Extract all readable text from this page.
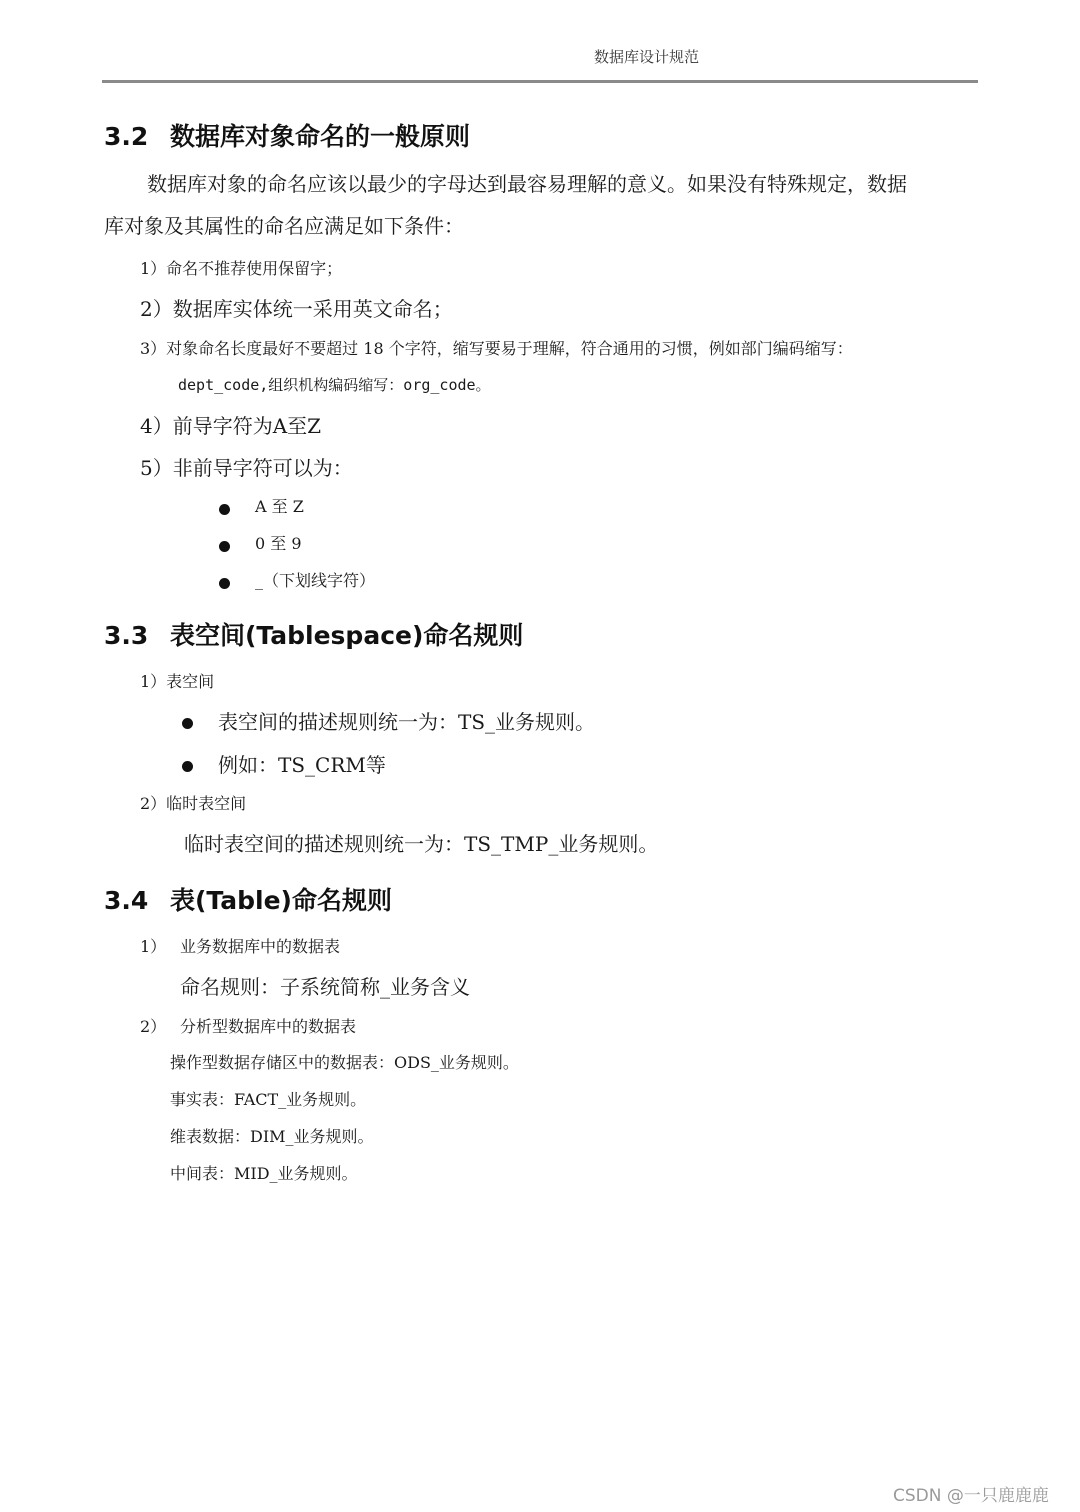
数据库设计规范
3.2 数据库对象命名的一般原则
数据库对象的命名应该以最少的字母达到最容易理解的意义。如果没有特殊规定，数据
库对象及其属性的命名应满足如下条件：
1）命名不推荐使用保留字；
2）数据库实体统一采用英文命名；
3）对象命名长度最好不要超过 18 个字符，缩写要易于理解，符合通用的习惯，例如部门编码缩写：
dept_code,组织机构编码缩写：org_code。
4）前导字符为A至Z
5）非前导字符可以为：
A 至 Z
0 至 9
_（下划线字符）
3.3 表空间(Tablespace)命名规则
1）表空间
表空间的描述规则统一为：TS_业务规则。
例如：TS_CRM等
2）临时表空间
临时表空间的描述规则统一为：TS_TMP_业务规则。
3.4 表(Table)命名规则
1） 业务数据库中的数据表
命名规则：子系统简称_业务含义
2） 分析型数据库中的数据表
操作型数据存储区中的数据表：ODS_业务规则。
事实表：FACT_业务规则。
维表数据：DIM_业务规则。
中间表：MID_业务规则。
CSDN @一只鹿鹿鹿
